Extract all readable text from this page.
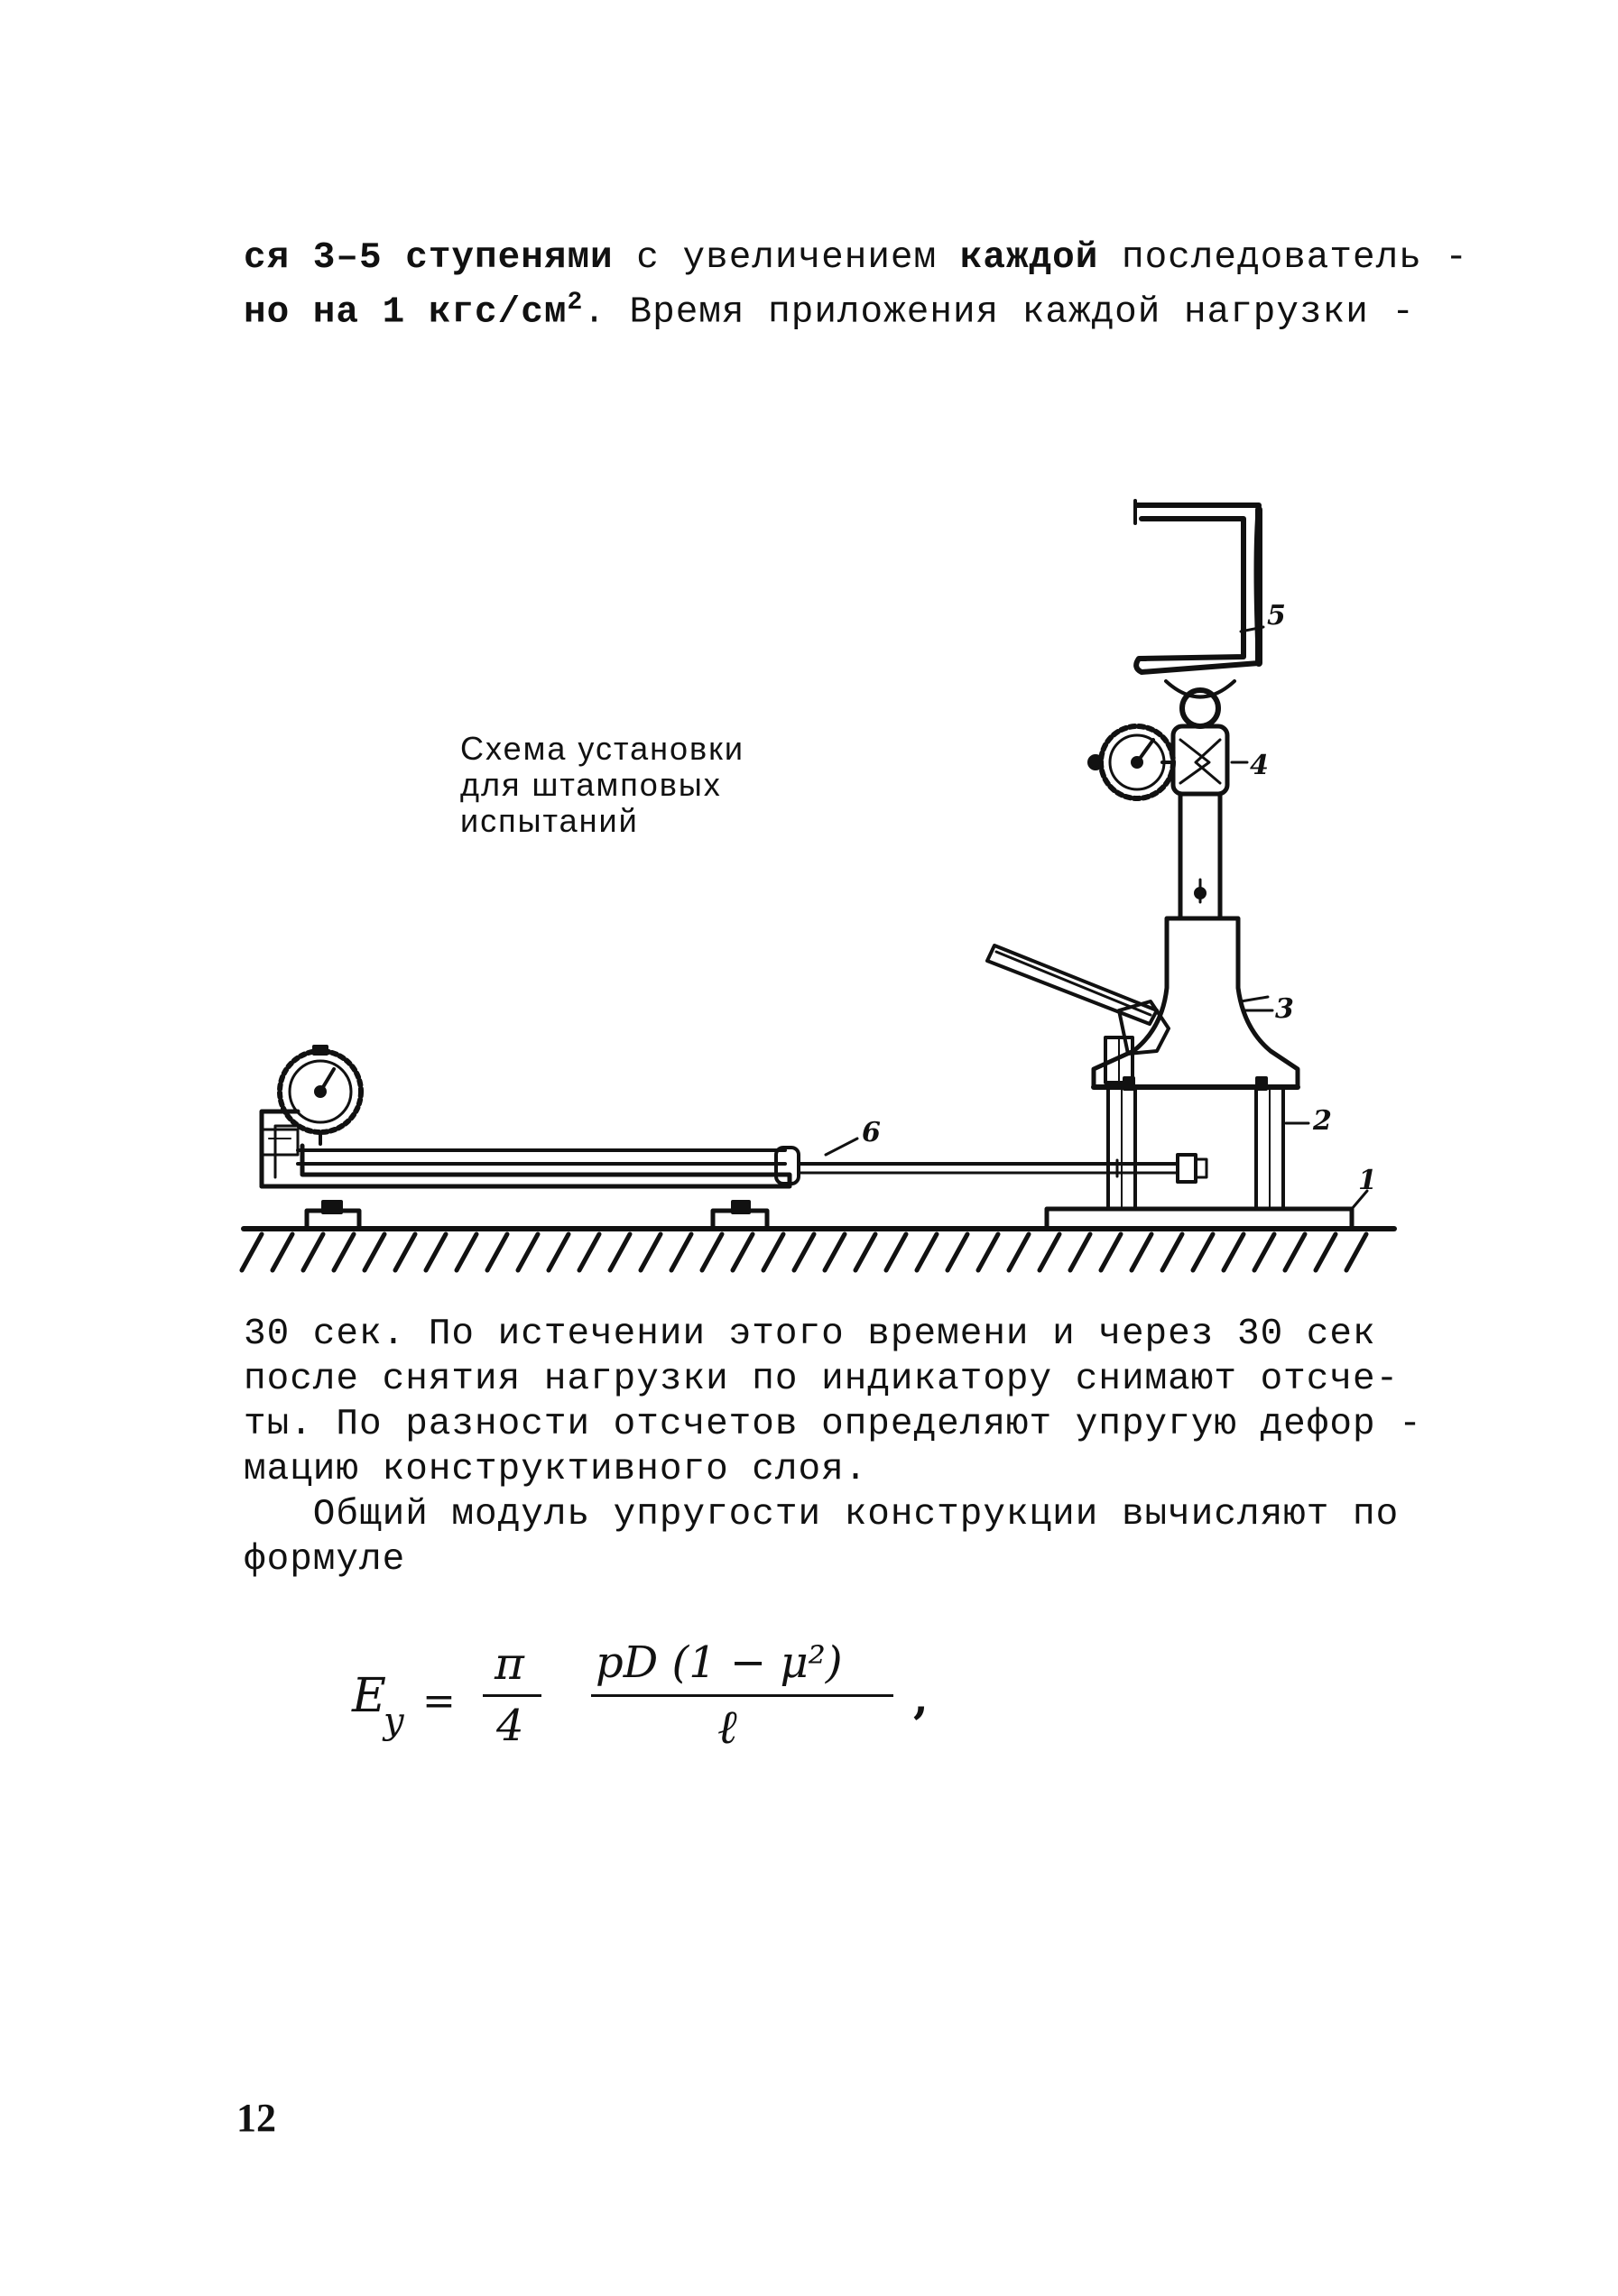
ся 3–5 ступенями с увеличением каждой последователь -
но на 1 кгс/$см^2$. Время приложения каждой нагрузки -
Схема установки
для штамповых
испытаний
5
4
3
2
1
6
30 сек. По истечении этого времени и через 30 сек
после снятия нагрузки по индикатору снимают отсче-
ты. По разности отсчетов определяют упругую дефор -
мацию конструктивного слоя.
Общий модуль упругости конструкции вычисляют по
формуле
E
у =
π
4
pD (1 − μ²)
ℓ
,
12
